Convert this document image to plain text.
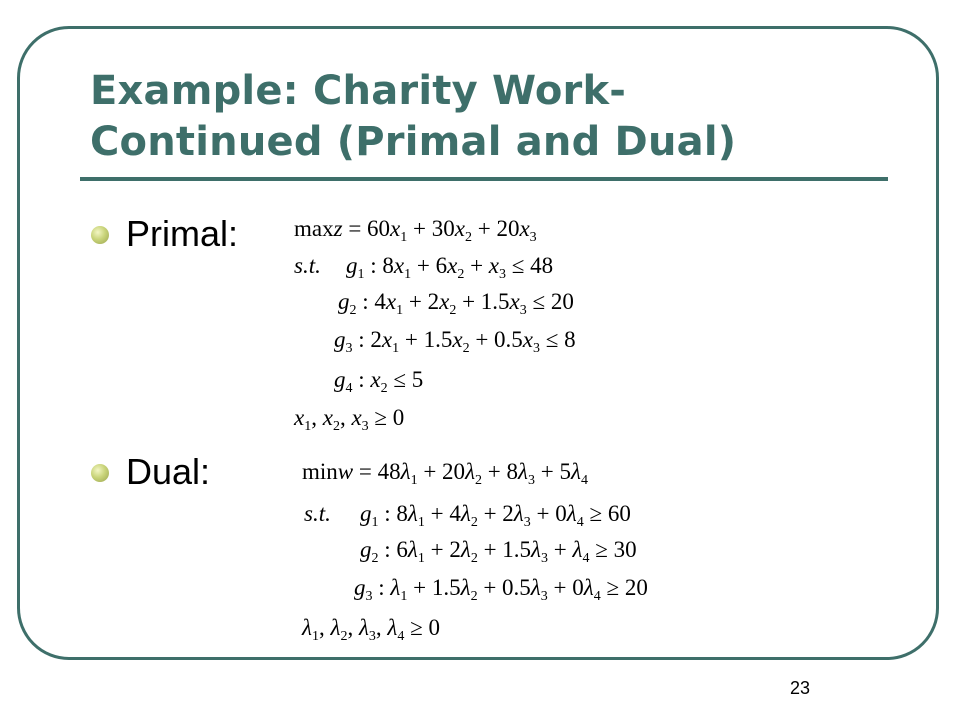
Example: Charity Work-
Continued (Primal and Dual)
Primal: $\max z = 60x_1 + 30x_2 + 20x_3$
s.t. $g_1$ : $8x_1 + 6x_2 + x_3 \le 48$
$g_2$ : $4x_1 + 2x_2 + 1.5x_3 \le 20$
$g_3$ : $2x_1 + 1.5x_2 + 0.5x_3 \le 8$
$g_4$ : $x_2 \le 5$
$x_1$, $x_2$, $x_3 \ge 0$
Dual:	$\min w = 48\lambda_1 + 20\lambda_2 + 8\lambda_3 + 5\lambda_4$
s.t. $g_1$ : $8\lambda_1 + 4\lambda_2 + 2\lambda_3 + 0\lambda_4 \ge 60$
$g_2$ : $6\lambda_1 + 2\lambda_2 + 1.5\lambda_3 + \lambda_4 \ge 30$
$g_3$ : $\lambda_1 + 1.5\lambda_2 + 0.5\lambda_3 + 0\lambda_4 \ge 20$
$\lambda_1$, $\lambda_2$, $\lambda_3$, $\lambda_4 \ge 0$
23
